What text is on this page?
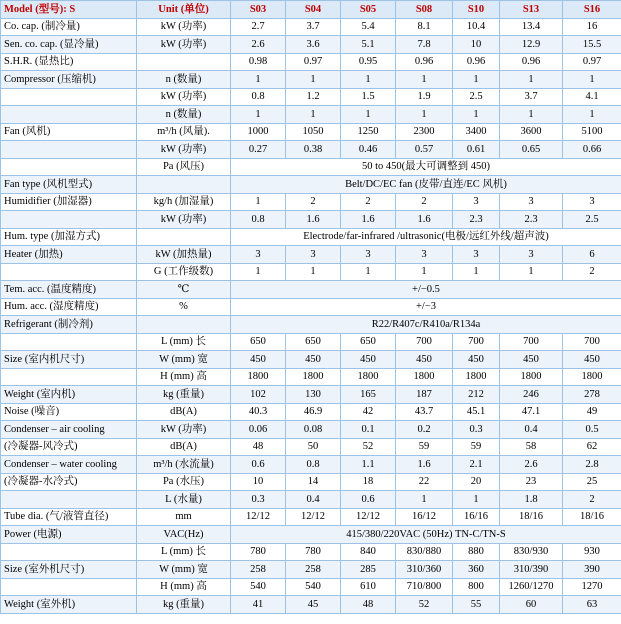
Model (型号): S	Unit (单位)	S03	S04	S05	S08	S10	S13	S16
Co. cap. (制冷量)	kW (功率)	2.7	3.7	5.4	8.1	10.4	13.4	16
Sen. co. cap. (显冷量)	kW (功率)	2.6	3.6	5.1	7.8	10	12.9	15.5
S.H.R. (显热比)		0.98	0.97	0.95	0.96	0.96	0.96	0.97
Compressor (压缩机)	n (数量)	1	1	1	1	1	1	1
	kW (功率)	0.8	1.2	1.5	1.9	2.5	3.7	4.1
	n (数量)	1	1	1	1	1	1	1
Fan (风机)	m³/h (风量).	1000	1050	1250	2300	3400	3600	5100
	kW (功率)	0.27	0.38	0.46	0.57	0.61	0.65	0.66
	Pa (风压)	50 to 450(最大可调整到 450)						
Fan type (风机型式)		Belt/DC/EC fan (皮带/直连/EC 风机)						
Humidifier (加湿器)	kg/h (加湿量)	1	2	2	2	3	3	3
	kW (功率)	0.8	1.6	1.6	1.6	2.3	2.3	2.5
Hum. type (加湿方式)		Electrode/far-infrared /ultrasonic(电极/远红外线/超声波)						
Heater (加热)	kW (加热量)	3	3	3	3	3	3	6
	G (工作级数)	1	1	1	1	1	1	2
Tem. acc. (温度精度)	℃	+/−0.5						
Hum. acc. (湿度精度)	%	+/−3						
Refrigerant (制冷剂)		R22/R407c/R410a/R134a						
	L (mm) 长	650	650	650	700	700	700	700
Size (室内机尺寸)	W (mm) 宽	450	450	450	450	450	450	450
	H (mm) 高	1800	1800	1800	1800	1800	1800	1800
Weight (室内机)	kg (重量)	102	130	165	187	212	246	278
Noise (噪音)	dB(A)	40.3	46.9	42	43.7	45.1	47.1	49
Condenser – air cooling	kW (功率)	0.06	0.08	0.1	0.2	0.3	0.4	0.5
(冷凝器-风冷式)	dB(A)	48	50	52	59	59	58	62
Condenser – water cooling	m³/h (水流量)	0.6	0.8	1.1	1.6	2.1	2.6	2.8
(冷凝器-水冷式)	Pa (水压)	10	14	18	22	20	23	25
	L (水量)	0.3	0.4	0.6	1	1	1.8	2
Tube dia. (气/液管直径)	mm	12/12	12/12	12/12	16/12	16/16	18/16	18/16
Power (电源)	VAC(Hz)	415/380/220VAC (50Hz) TN-C/TN-S						
	L (mm) 长	780	780	840	830/880	880	830/930	930
Size (室外机尺寸)	W (mm) 宽	258	258	285	310/360	360	310/390	390
	H (mm) 高	540	540	610	710/800	800	1260/1270	1270
Weight (室外机)	kg (重量)	41	45	48	52	55	60	63
